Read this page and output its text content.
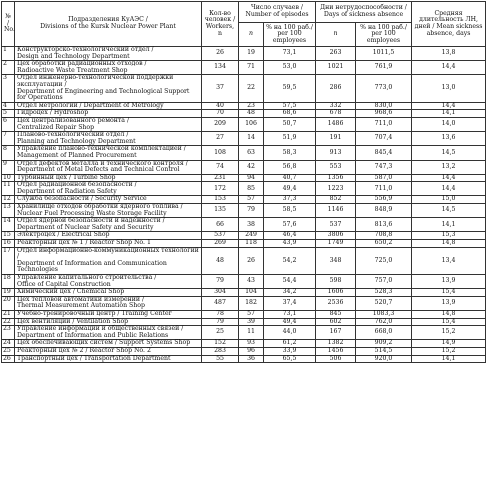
№ /
No.	Подразделения КуАЭС /
Divisions of the Kursk Nuclear Power Plant	Кол-во человек / Workers, n	Число случаев / Number of episodes		Дни нетрудоспособности / Days of sickness absence		Средняя длительность ЛН, дней / Mean sickness absence, days
			n	% на 100 раб./ per 100 employees	n	% на 100 раб./ per 100 employees	
1	Конструкторско-технологический отдел /
Design and Technology Department	26	19	73,1	263	1011,5	13,8
2	Цех обработки радиационных отходов /
Radioactive Waste Treatment Shop	134	71	53,0	1021	761,9	14,4
3	Отдел инженерно-технологической поддержки эксплуатации /
Department of Engineering and Technological Support for Operations	37	22	59,5	286	773,0	13,0
4	Отдел метрологии / Department of Metrology	40	23	57,5	332	830,0	14,4
5	Гидроцех / Hydroshop	70	48	68,6	678	968,6	14,1
6	Цех централизованного ремонта /
Centralized Repair Shop	209	106	50,7	1486	711,0	14,0
7	Планово-технологический отдел /
Planning and Technology Department	27	14	51,9	191	707,4	13,6
8	Управление планово-технической комплектацией /
Management of Planned Procurement	108	63	58,3	913	845,4	14,5
9	Отдел дефектов металла и технического контроля /
Department of Metal Defects and Technical Control	74	42	56,8	553	747,3	13,2
10	Турбинный цех / Turbine Shop	231	94	40,7	1356	587,0	14,4
11	Отдел радиационной безопасности /
Department of Radiation Safety	172	85	49,4	1223	711,0	14,4
12	Служба безопасности / Security Service	153	57	37,3	852	556,9	15,0
13	Хранилище отходов обработки ядерного топлива /
Nuclear Fuel Processing Waste Storage Facility	135	79	58,5	1146	848,9	14,5
14	Отдел ядерной безопасности и надежности /
Department of Nuclear Safety and Security	66	38	57,6	537	813,6	14,1
15	Электроцех / Electrical Shop	537	249	46,4	3806	708,8	15,3
16	Реакторный цех № 1 / Reactor Shop No. 1	269	118	43,9	1749	650,2	14,8
17	Отдел информационно-коммуникационных технологий /
Department of Information and Communication Technologies	48	26	54,2	348	725,0	13,4
18	Управление капитального строительства /
Office of Capital Construction	79	43	54,4	598	757,0	13,9
19	Химический цех / Chemical Shop	304	104	34,2	1606	528,3	15,4
20	Цех тепловой автоматики измерений /
Thermal Measurement Automation Shop	487	182	37,4	2536	520,7	13,9
21	Учебно-тренировочный центр / Training Center	78	57	73,1	845	1083,3	14,8
22	Цех вентиляции / Ventilation Shop	79	39	49,4	602	762,0	15,4
23	Управление информации и общественных связей /
Department of Information and Public Relations	25	11	44,0	167	668,0	15,2
24	Цех обеспечивающих систем / Support Systems Shop	152	93	61,2	1382	909,2	14,9
25	Реакторный цех № 2 / Reactor Shop No. 2	283	96	33,9	1456	514,5	15,2
26	Транспортный цех / Transportation Department	55	36	65,5	506	920,0	14,1
